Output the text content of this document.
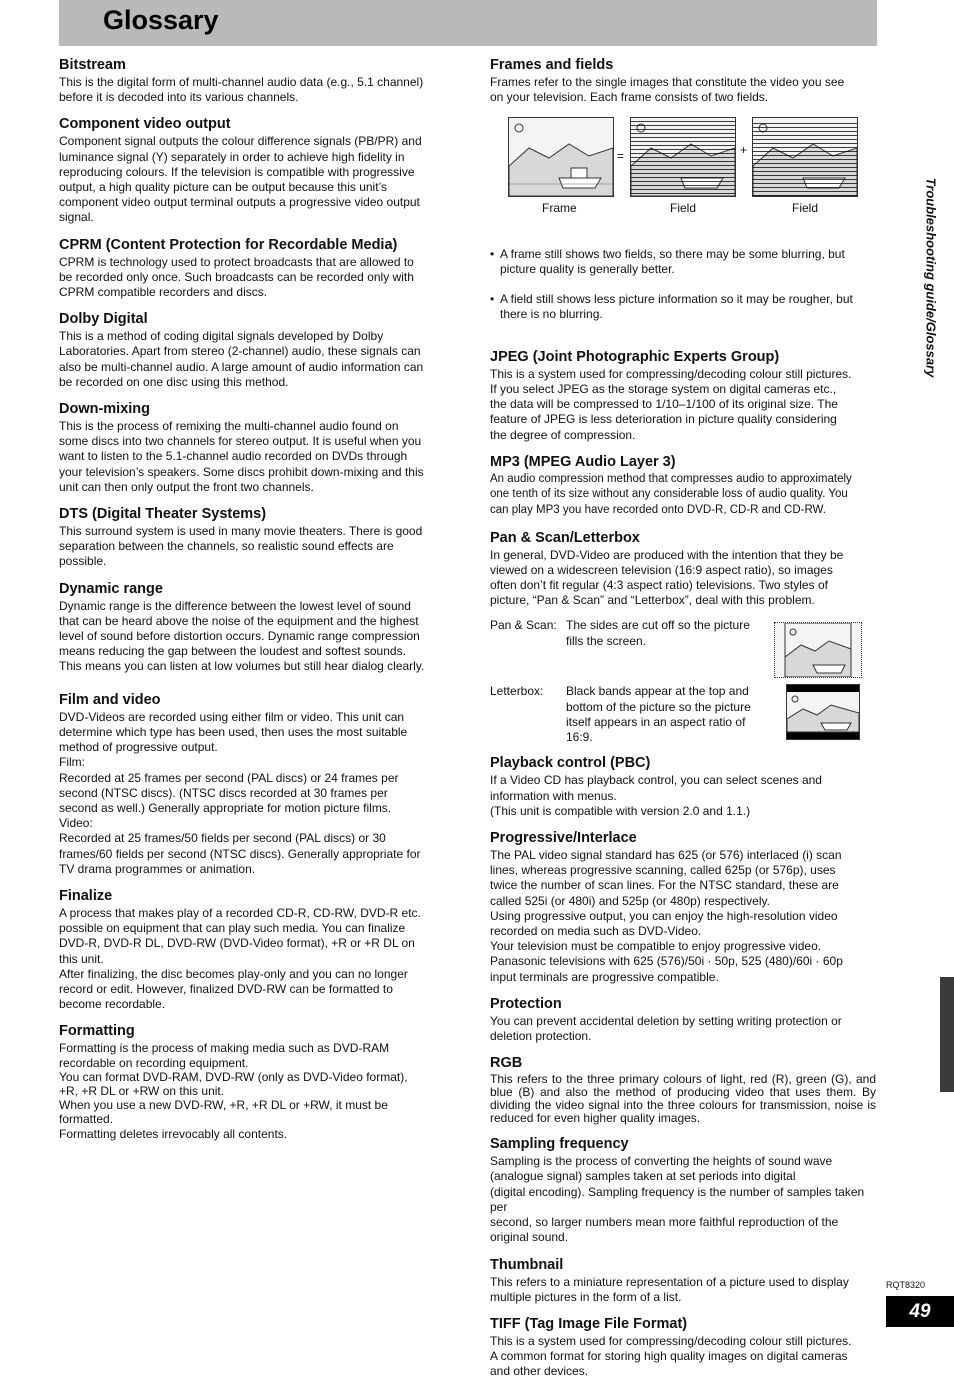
Glossary

Bitstream

This is the digital form of multi-channel audio data (e.g., 5.1 channel)
before it is decoded into its various channels.

Component video output

Component signal outputs the colour difference signals (PB/PR) and
luminance signal (Y) separately in order to achieve high fidelity in
reproducing colours. If the television is compatible with progressive
output, a high quality picture can be output because this unit’s
component video output terminal outputs a progressive video output
signal.

CPRM (Content Protection for Recordable Media)

CPRM is technology used to protect broadcasts that are allowed to
be recorded only once. Such broadcasts can be recorded only with
CPRM compatible recorders and discs.

Dolby Digital

This is a method of coding digital signals developed by Dolby
Laboratories. Apart from stereo (2-channel) audio, these signals can
also be multi-channel audio. A large amount of audio information can
be recorded on one disc using this method.

Down-mixing

This is the process of remixing the multi-channel audio found on
some discs into two channels for stereo output. It is useful when you
want to listen to the 5.1-channel audio recorded on DVDs through
your television’s speakers. Some discs prohibit down-mixing and this
unit can then only output the front two channels.

DTS (Digital Theater Systems)

This surround system is used in many movie theaters. There is good
separation between the channels, so realistic sound effects are
possible.

Dynamic range

Dynamic range is the difference between the lowest level of sound
that can be heard above the noise of the equipment and the highest
level of sound before distortion occurs. Dynamic range compression
means reducing the gap between the loudest and softest sounds.
This means you can listen at low volumes but still hear dialog clearly.

Film and video

DVD-Videos are recorded using either film or video. This unit can
determine which type has been used, then uses the most suitable
method of progressive output.
Film:
Recorded at 25 frames per second (PAL discs) or 24 frames per
second (NTSC discs). (NTSC discs recorded at 30 frames per
second as well.) Generally appropriate for motion picture films.
Video:
Recorded at 25 frames/50 fields per second (PAL discs) or 30
frames/60 fields per second (NTSC discs). Generally appropriate for
TV drama programmes or animation.

Finalize

A process that makes play of a recorded CD-R, CD-RW, DVD-R etc.
possible on equipment that can play such media. You can finalize
DVD-R, DVD-R DL, DVD-RW (DVD-Video format), +R or +R DL on
this unit.
After finalizing, the disc becomes play-only and you can no longer
record or edit. However, finalized DVD-RW can be formatted to
become recordable.

Formatting

Formatting is the process of making media such as DVD-RAM
recordable on recording equipment.
You can format DVD-RAM, DVD-RW (only as DVD-Video format),
+R, +R DL or +RW on this unit.
When you use a new DVD-RW, +R, +R DL or +RW, it must be
formatted.
Formatting deletes irrevocably all contents.

Frames and fields

Frames refer to the single images that constitute the video you see
on your television. Each frame consists of two fields.

=	+
Frame	Field	Field

• A frame still shows two fields, so there may be some blurring, but
picture quality is generally better.

• A field still shows less picture information so it may be rougher, but
there is no blurring.

JPEG (Joint Photographic Experts Group)

This is a system used for compressing/decoding colour still pictures.
If you select JPEG as the storage system on digital cameras etc.,
the data will be compressed to 1/10–1/100 of its original size. The
feature of JPEG is less deterioration in picture quality considering
the degree of compression.

MP3 (MPEG Audio Layer 3)

An audio compression method that compresses audio to approximately
one tenth of its size without any considerable loss of audio quality. You
can play MP3 you have recorded onto DVD-R, CD-R and CD-RW.

Pan & Scan/Letterbox

In general, DVD-Video are produced with the intention that they be
viewed on a widescreen television (16:9 aspect ratio), so images
often don’t fit regular (4:3 aspect ratio) televisions. Two styles of
picture, “Pan & Scan” and “Letterbox”, deal with this problem.

Pan & Scan: The sides are cut off so the picture
fills the screen.
Letterbox: Black bands appear at the top and
bottom of the picture so the picture
itself appears in an aspect ratio of
16:9.

Playback control (PBC)

If a Video CD has playback control, you can select scenes and
information with menus.
(This unit is compatible with version 2.0 and 1.1.)

Progressive/Interlace

The PAL video signal standard has 625 (or 576) interlaced (i) scan
lines, whereas progressive scanning, called 625p (or 576p), uses
twice the number of scan lines. For the NTSC standard, these are
called 525i (or 480i) and 525p (or 480p) respectively.
Using progressive output, you can enjoy the high-resolution video
recorded on media such as DVD-Video.
Your television must be compatible to enjoy progressive video.
Panasonic televisions with 625 (576)/50i · 50p, 525 (480)/60i · 60p
input terminals are progressive compatible.

Protection

You can prevent accidental deletion by setting writing protection or
deletion protection.

RGB

This refers to the three primary colours of light, red (R), green (G), and blue (B) and also the method of producing video that uses them. By dividing the video signal into the three colours for transmission, noise is reduced for even higher quality images.

Sampling frequency

Sampling is the process of converting the heights of sound wave
(analogue signal) samples taken at set periods into digital
(digital encoding). Sampling frequency is the number of samples taken per
second, so larger numbers mean more faithful reproduction of the
original sound.

Thumbnail

This refers to a miniature representation of a picture used to display
multiple pictures in the form of a list.

TIFF (Tag Image File Format)

This is a system used for compressing/decoding colour still pictures.
A common format for storing high quality images on digital cameras
and other devices.

Troubleshooting guide/Glossary
RQT8320
49
